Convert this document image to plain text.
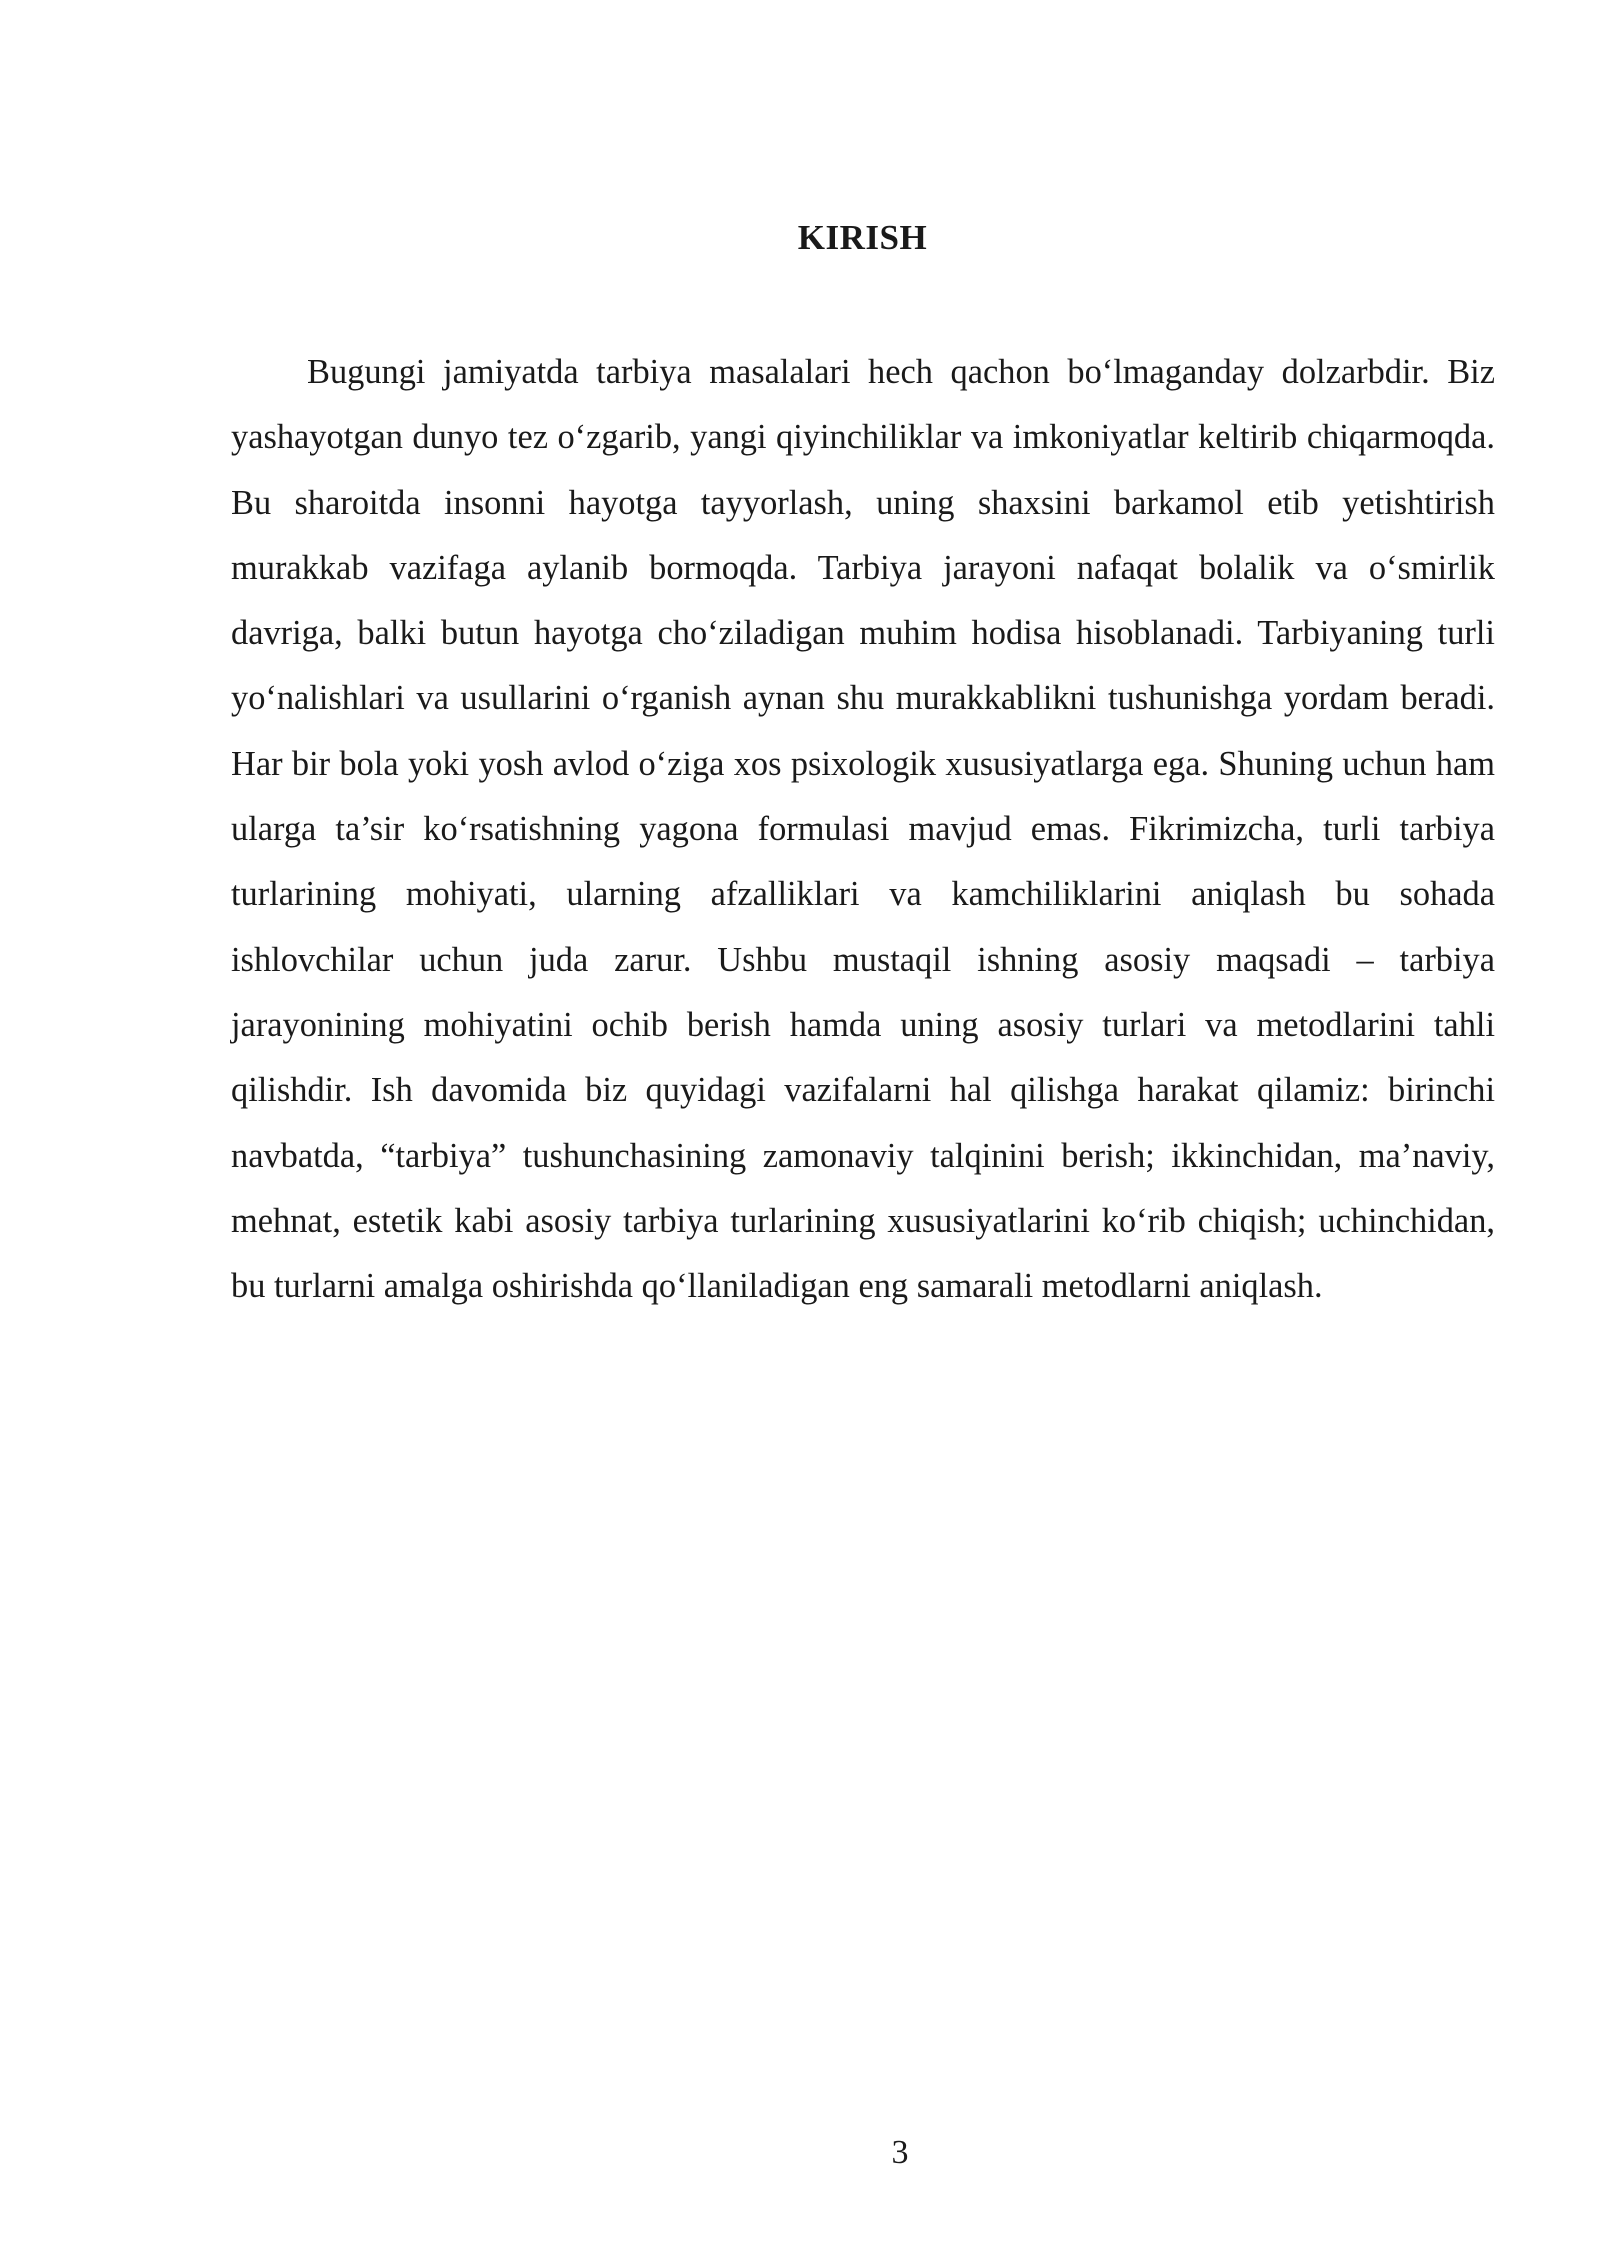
KIRISH

Bugungi jamiyatda tarbiya masalalari hech qachon bo‘lmaganday dolzarbdir. Biz yashayotgan dunyo tez o‘zgarib, yangi qiyinchiliklar va imkoniyatlar keltirib chiqarmoqda. Bu sharoitda insonni hayotga tayyorlash, uning shaxsini barkamol etib yetishtirish murakkab vazifaga aylanib bormoqda. Tarbiya jarayoni nafaqat bolalik va o‘smirlik davriga, balki butun hayotga cho‘ziladigan muhim hodisa hisoblanadi. Tarbiyaning turli yo‘nalishlari va usullarini o‘rganish aynan shu murakkablikni tushunishga yordam beradi. Har bir bola yoki yosh avlod o‘ziga xos psixologik xususiyatlarga ega. Shuning uchun ham ularga ta’sir ko‘rsatishning yagona formulasi mavjud emas. Fikrimizcha, turli tarbiya turlarining mohiyati, ularning afzalliklari va kamchiliklarini aniqlash bu sohada ishlovchilar uchun juda zarur. Ushbu mustaqil ishning asosiy maqsadi – tarbiya jarayonining mohiyatini ochib berish hamda uning asosiy turlari va metodlarini tahli qilishdir. Ish davomida biz quyidagi vazifalarni hal qilishga harakat qilamiz: birinchi navbatda, “tarbiya” tushunchasining zamonaviy talqinini berish; ikkinchidan, ma’naviy, mehnat, estetik kabi asosiy tarbiya turlarining xususiyatlarini ko‘rib chiqish; uchinchidan, bu turlarni amalga oshirishda qo‘llaniladigan eng samarali metodlarni aniqlash.

3
